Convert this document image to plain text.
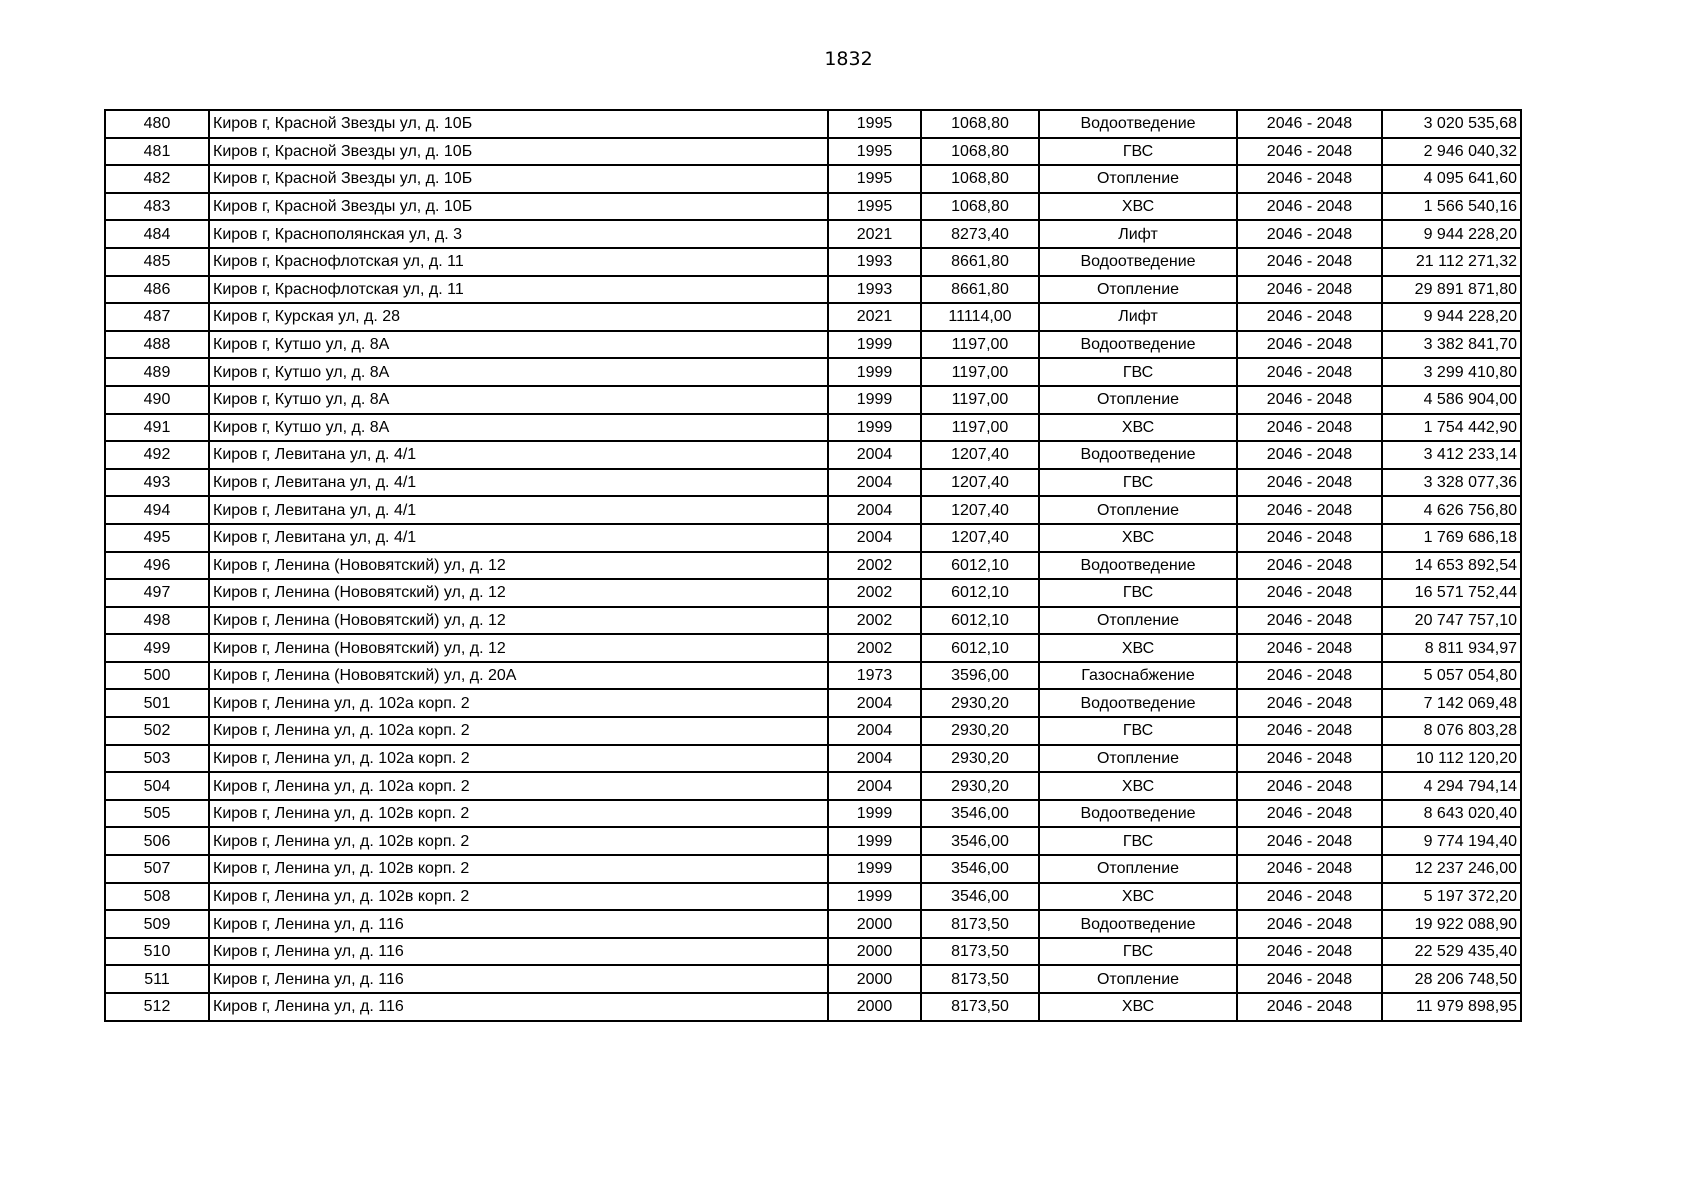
1832
480	Киров г, Красной Звезды ул, д. 10Б	1995	1068,80	Водоотведение	2046 - 2048	3 020 535,68
481	Киров г, Красной Звезды ул, д. 10Б	1995	1068,80	ГВС	2046 - 2048	2 946 040,32
482	Киров г, Красной Звезды ул, д. 10Б	1995	1068,80	Отопление	2046 - 2048	4 095 641,60
483	Киров г, Красной Звезды ул, д. 10Б	1995	1068,80	ХВС	2046 - 2048	1 566 540,16
484	Киров г, Краснополянская ул, д. 3	2021	8273,40	Лифт	2046 - 2048	9 944 228,20
485	Киров г, Краснофлотская ул, д. 11	1993	8661,80	Водоотведение	2046 - 2048	21 112 271,32
486	Киров г, Краснофлотская ул, д. 11	1993	8661,80	Отопление	2046 - 2048	29 891 871,80
487	Киров г, Курская ул, д. 28	2021	11114,00	Лифт	2046 - 2048	9 944 228,20
488	Киров г, Кутшо ул, д. 8А	1999	1197,00	Водоотведение	2046 - 2048	3 382 841,70
489	Киров г, Кутшо ул, д. 8А	1999	1197,00	ГВС	2046 - 2048	3 299 410,80
490	Киров г, Кутшо ул, д. 8А	1999	1197,00	Отопление	2046 - 2048	4 586 904,00
491	Киров г, Кутшо ул, д. 8А	1999	1197,00	ХВС	2046 - 2048	1 754 442,90
492	Киров г, Левитана ул, д. 4/1	2004	1207,40	Водоотведение	2046 - 2048	3 412 233,14
493	Киров г, Левитана ул, д. 4/1	2004	1207,40	ГВС	2046 - 2048	3 328 077,36
494	Киров г, Левитана ул, д. 4/1	2004	1207,40	Отопление	2046 - 2048	4 626 756,80
495	Киров г, Левитана ул, д. 4/1	2004	1207,40	ХВС	2046 - 2048	1 769 686,18
496	Киров г, Ленина (Нововятский) ул, д. 12	2002	6012,10	Водоотведение	2046 - 2048	14 653 892,54
497	Киров г, Ленина (Нововятский) ул, д. 12	2002	6012,10	ГВС	2046 - 2048	16 571 752,44
498	Киров г, Ленина (Нововятский) ул, д. 12	2002	6012,10	Отопление	2046 - 2048	20 747 757,10
499	Киров г, Ленина (Нововятский) ул, д. 12	2002	6012,10	ХВС	2046 - 2048	8 811 934,97
500	Киров г, Ленина (Нововятский) ул, д. 20А	1973	3596,00	Газоснабжение	2046 - 2048	5 057 054,80
501	Киров г, Ленина ул, д. 102а корп. 2	2004	2930,20	Водоотведение	2046 - 2048	7 142 069,48
502	Киров г, Ленина ул, д. 102а корп. 2	2004	2930,20	ГВС	2046 - 2048	8 076 803,28
503	Киров г, Ленина ул, д. 102а корп. 2	2004	2930,20	Отопление	2046 - 2048	10 112 120,20
504	Киров г, Ленина ул, д. 102а корп. 2	2004	2930,20	ХВС	2046 - 2048	4 294 794,14
505	Киров г, Ленина ул, д. 102в корп. 2	1999	3546,00	Водоотведение	2046 - 2048	8 643 020,40
506	Киров г, Ленина ул, д. 102в корп. 2	1999	3546,00	ГВС	2046 - 2048	9 774 194,40
507	Киров г, Ленина ул, д. 102в корп. 2	1999	3546,00	Отопление	2046 - 2048	12 237 246,00
508	Киров г, Ленина ул, д. 102в корп. 2	1999	3546,00	ХВС	2046 - 2048	5 197 372,20
509	Киров г, Ленина ул, д. 116	2000	8173,50	Водоотведение	2046 - 2048	19 922 088,90
510	Киров г, Ленина ул, д. 116	2000	8173,50	ГВС	2046 - 2048	22 529 435,40
511	Киров г, Ленина ул, д. 116	2000	8173,50	Отопление	2046 - 2048	28 206 748,50
512	Киров г, Ленина ул, д. 116	2000	8173,50	ХВС	2046 - 2048	11 979 898,95
